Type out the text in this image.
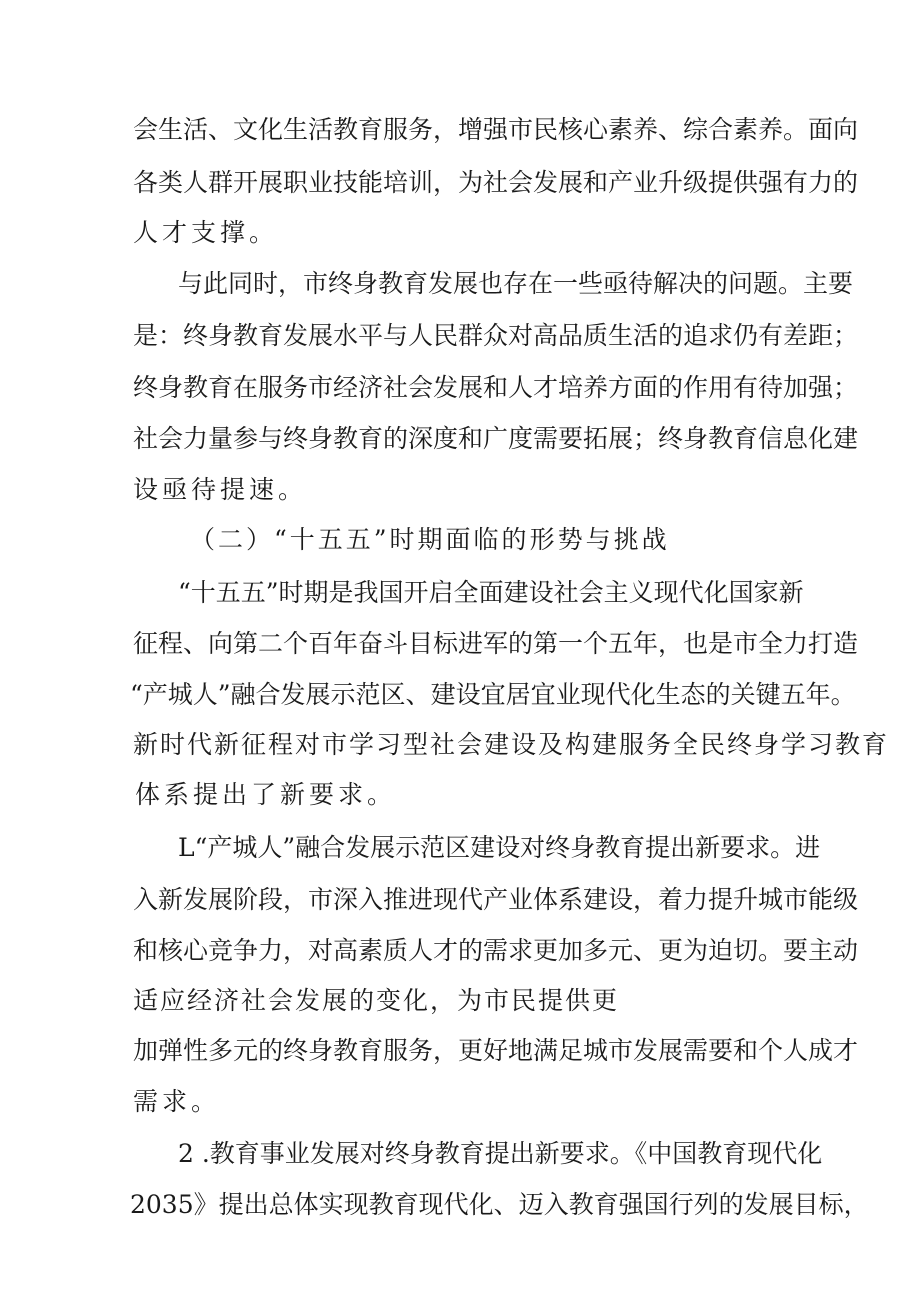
会生活、文化生活教育服务，增强市民核心素养、综合素养。面向
各类人群开展职业技能培训，为社会发展和产业升级提供强有力的
人才支撑。
与此同时，市终身教育发展也存在一些亟待解决的问题。主要
是：终身教育发展水平与人民群众对高品质生活的追求仍有差距；
终身教育在服务市经济社会发展和人才培养方面的作用有待加强；
社会力量参与终身教育的深度和广度需要拓展；终身教育信息化建
设亟待提速。
（二）“十五五”时期面临的形势与挑战
“十五五”时期是我国开启全面建设社会主义现代化国家新
征程、向第二个百年奋斗目标进军的第一个五年，也是市全力打造
“产城人”融合发展示范区、建设宜居宜业现代化生态的关键五年。
新时代新征程对市学习型社会建设及构建服务全民终身学习教育
体系提出了新要求。
L“产城人”融合发展示范区建设对终身教育提出新要求。进
入新发展阶段，市深入推进现代产业体系建设，着力提升城市能级
和核心竞争力，对高素质人才的需求更加多元、更为迫切。要主动
适应经济社会发展的变化，为市民提供更
加弹性多元的终身教育服务，更好地满足城市发展需要和个人成才
需求。
2 .教育事业发展对终身教育提出新要求。《中国教育现代化
2035》提出总体实现教育现代化、迈入教育强国行列的发展目标，
